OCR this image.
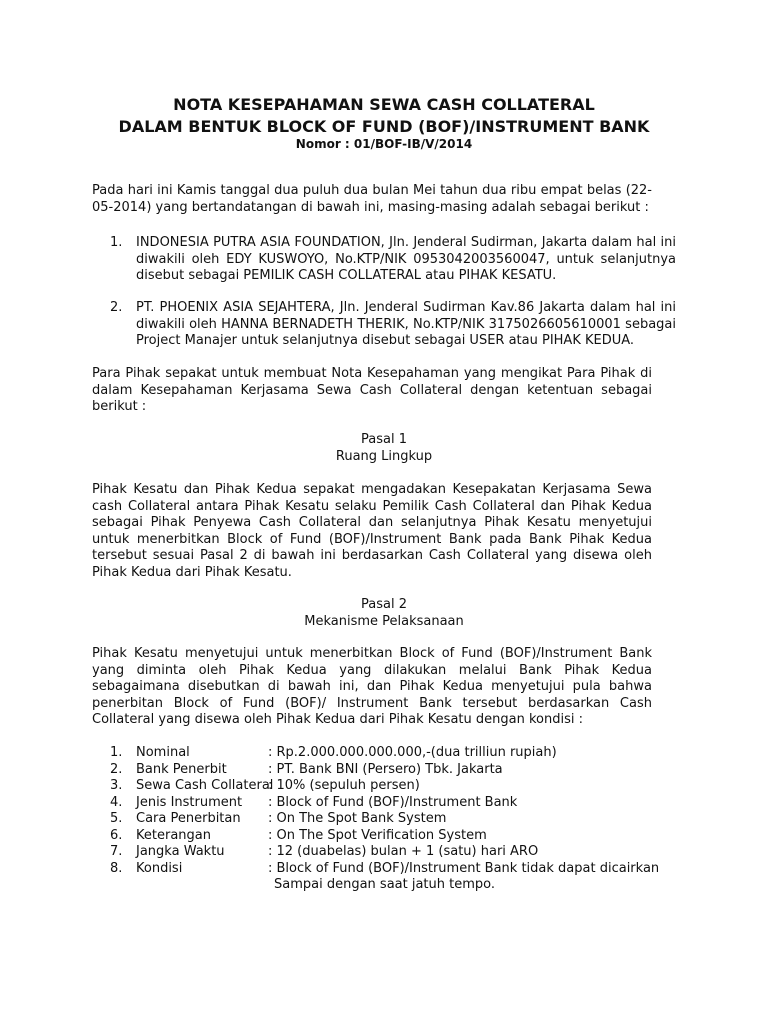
NOTA KESEPAHAMAN SEWA CASH COLLATERAL
DALAM BENTUK BLOCK OF FUND (BOF)/INSTRUMENT BANK
Nomor : 01/BOF-IB/V/2014

Pada hari ini Kamis tanggal dua puluh dua bulan Mei tahun dua ribu empat belas (22-05-2014) yang bertandatangan di bawah ini, masing-masing adalah sebagai berikut :

1. INDONESIA PUTRA ASIA FOUNDATION, Jln. Jenderal Sudirman, Jakarta dalam hal ini diwakili oleh EDY KUSWOYO, No.KTP/NIK 0953042003560047, untuk selanjutnya disebut sebagai PEMILIK CASH COLLATERAL atau PIHAK KESATU.
2. PT. PHOENIX ASIA SEJAHTERA, Jln. Jenderal Sudirman Kav.86 Jakarta dalam hal ini diwakili oleh HANNA BERNADETH THERIK, No.KTP/NIK 3175026605610001 sebagai Project Manajer untuk selanjutnya disebut sebagai USER atau PIHAK KEDUA.

Para Pihak sepakat untuk membuat Nota Kesepahaman yang mengikat Para Pihak di dalam Kesepahaman Kerjasama Sewa Cash Collateral dengan ketentuan sebagai berikut :

Pasal 1
Ruang Lingkup

Pihak Kesatu dan Pihak Kedua sepakat mengadakan Kesepakatan Kerjasama Sewa cash Collateral antara Pihak Kesatu selaku Pemilik Cash Collateral dan Pihak Kedua sebagai Pihak Penyewa Cash Collateral dan selanjutnya Pihak Kesatu menyetujui untuk menerbitkan Block of Fund (BOF)/Instrument Bank pada Bank Pihak Kedua tersebut sesuai Pasal 2 di bawah ini berdasarkan Cash Collateral yang disewa oleh Pihak Kedua dari Pihak Kesatu.

Pasal 2
Mekanisme Pelaksanaan

Pihak Kesatu menyetujui untuk menerbitkan Block of Fund (BOF)/Instrument Bank yang diminta oleh Pihak Kedua yang dilakukan melalui Bank Pihak Kedua sebagaimana disebutkan di bawah ini, dan Pihak Kedua menyetujui pula bahwa penerbitan Block of Fund (BOF)/ Instrument Bank tersebut berdasarkan Cash Collateral yang disewa oleh Pihak Kedua dari Pihak Kesatu dengan kondisi :

1. Nominal	: Rp.2.000.000.000.000,-(dua trilliun rupiah)
2. Bank Penerbit	: PT. Bank BNI (Persero) Tbk. Jakarta
3. Sewa Cash Collateral
: 10% (sepuluh persen)
4. Jenis Instrument : Block of Fund (BOF)/Instrument Bank
5. Cara Penerbitan : On The Spot Bank System
6. Keterangan	: On The Spot Verification System
7. Jangka Waktu	: 12 (duabelas) bulan + 1 (satu) hari ARO
8. Kondisi	: Block of Fund (BOF)/Instrument Bank tidak dapat dicairkan
Sampai dengan saat jatuh tempo.
